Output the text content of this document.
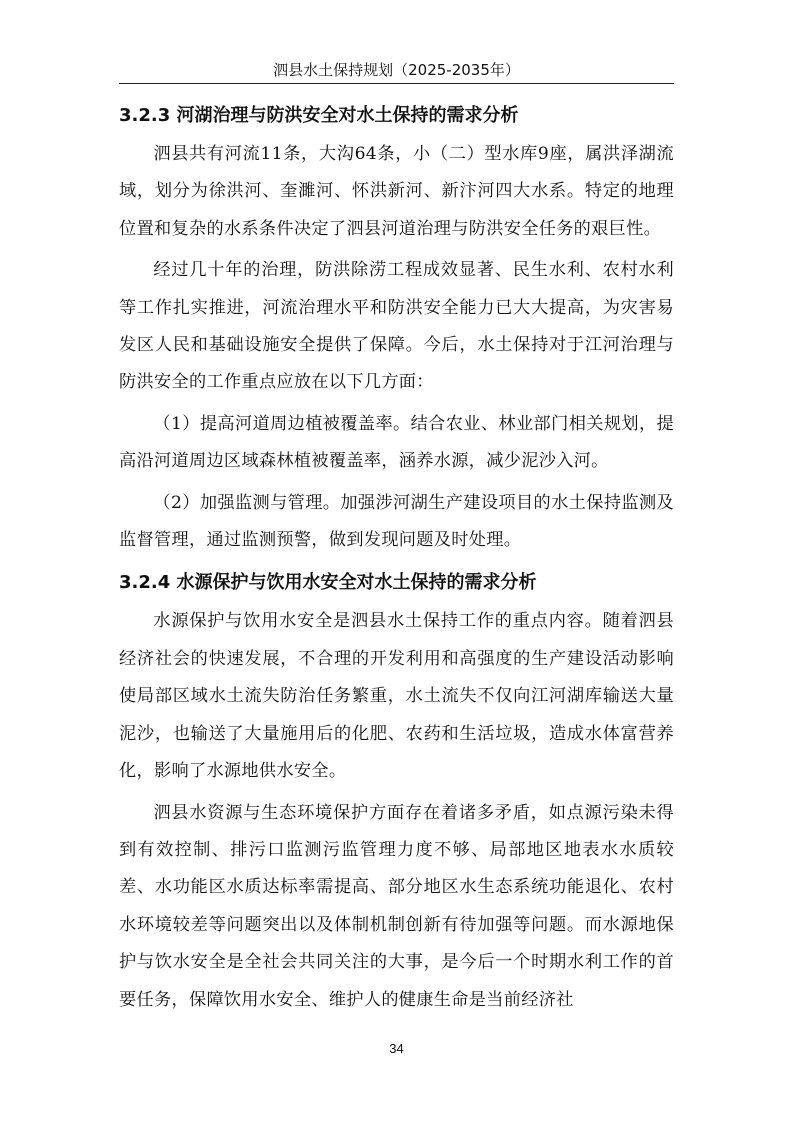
泗县水土保持规划（2025-2035年）
3.2.3 河湖治理与防洪安全对水土保持的需求分析

泗县共有河流11条，大沟64条，小（二）型水库9座，属洪泽湖流域，划分为徐洪河、奎濉河、怀洪新河、新汴河四大水系。特定的地理位置和复杂的水系条件决定了泗县河道治理与防洪安全任务的艰巨性。

经过几十年的治理，防洪除涝工程成效显著、民生水利、农村水利等工作扎实推进，河流治理水平和防洪安全能力已大大提高，为灾害易发区人民和基础设施安全提供了保障。今后，水土保持对于江河治理与防洪安全的工作重点应放在以下几方面：

（1）提高河道周边植被覆盖率。结合农业、林业部门相关规划，提高沿河道周边区域森林植被覆盖率，涵养水源，减少泥沙入河。

（2）加强监测与管理。加强涉河湖生产建设项目的水土保持监测及监督管理，通过监测预警，做到发现问题及时处理。

3.2.4 水源保护与饮用水安全对水土保持的需求分析

水源保护与饮用水安全是泗县水土保持工作的重点内容。随着泗县经济社会的快速发展，不合理的开发利用和高强度的生产建设活动影响使局部区域水土流失防治任务繁重，水土流失不仅向江河湖库输送大量泥沙，也输送了大量施用后的化肥、农药和生活垃圾，造成水体富营养化，影响了水源地供水安全。

泗县水资源与生态环境保护方面存在着诸多矛盾，如点源污染未得到有效控制、排污口监测污监管理力度不够、局部地区地表水水质较差、水功能区水质达标率需提高、部分地区水生态系统功能退化、农村水环境较差等问题突出以及体制机制创新有待加强等问题。而水源地保护与饮水安全是全社会共同关注的大事，是今后一个时期水利工作的首要任务，保障饮用水安全、维护人的健康生命是当前经济社

34
